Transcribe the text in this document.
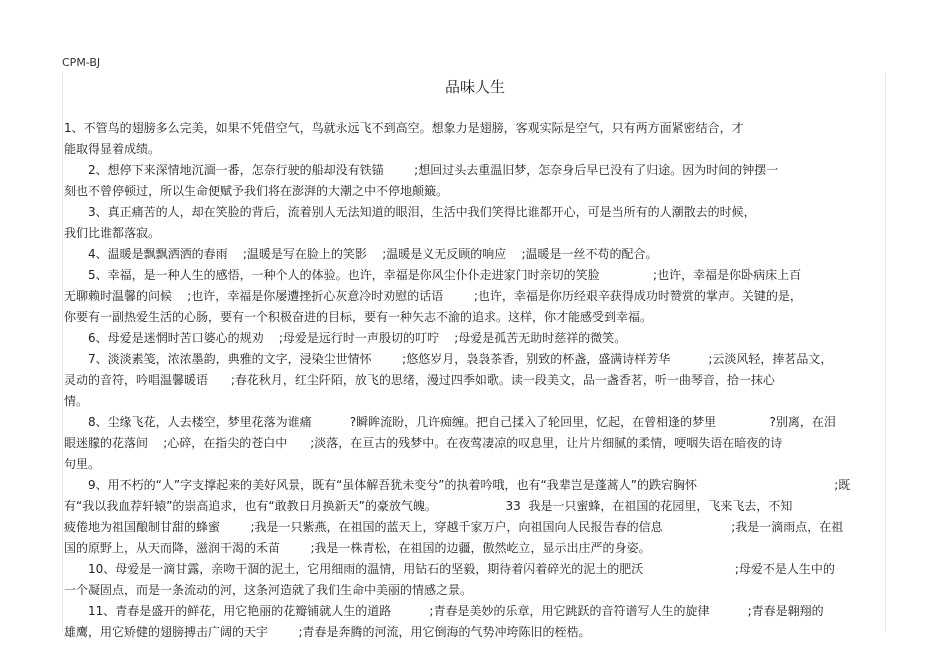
CPM-BJ
品味人生
1、不管鸟的翅膀多么完美，如果不凭借空气，鸟就永远飞不到高空。想象力是翅膀，客观实际是空气，只有两方面紧密结合，才
能取得显着成绩。
2、想停下来深情地沉湎一番，怎奈行驶的船却没有铁锚        ;想回过头去重温旧梦，怎奈身后早已没有了归途。因为时间的钟摆一
刻也不曾停顿过，所以生命便赋予我们将在澎湃的大潮之中不停地颠簸。
3、真正痛苦的人，却在笑脸的背后，流着别人无法知道的眼泪，生活中我们笑得比谁都开心，可是当所有的人潮散去的时候，
我们比谁都落寂。
4、温暖是飘飘洒洒的春雨    ;温暖是写在脸上的笑影    ;温暖是义无反顾的响应    ;温暖是一丝不苟的配合。
5、幸福，是一种人生的感悟，一种个人的体验。也许，幸福是你风尘仆仆走进家门时亲切的笑脸              ;也许，幸福是你卧病床上百
无聊赖时温馨的问候    ;也许，幸福是你屡遭挫折心灰意冷时劝慰的话语        ;也许，幸福是你历经艰辛获得成功时赞赏的掌声。关键的是，
你要有一副热爱生活的心肠，要有一个积极奋进的目标，要有一种矢志不渝的追求。这样，你才能感受到幸福。
6、母爱是迷惘时苦口婆心的规劝    ;母爱是远行时一声殷切的叮咛    ;母爱是孤苦无助时慈祥的微笑。
7、淡淡素笺，浓浓墨韵，典雅的文字，浸染尘世情怀        ;悠悠岁月，袅袅茶香，别致的杯盏，盛满诗样芳华          ;云淡风轻，捧茗品文，
灵动的音符，吟唱温馨暖语      ;春花秋月，红尘阡陌，放飞的思绪，漫过四季如歌。读一段美文，品一盏香茗，听一曲琴音，拾一抹心
情。
8、尘缘飞花，人去楼空，梦里花落为谁痛          ?瞬眸流盼，几许痴缠。把自己揉入了轮回里，忆起，在曾相逢的梦里              ?别离，在泪
眼迷朦的花落间    ;心碎，在指尖的苍白中      ;淡落，在亘古的残梦中。在夜莺凄凉的叹息里，让片片细腻的柔情，哽咽失语在暗夜的诗
句里。
9、用不朽的“人”字支撑起来的美好风景，既有“虽体解吾犹未变兮”的执着吟哦，也有“我辈岂是蓬蒿人”的跌宕胸怀                                    ;既
有“我以我血荐轩辕”的崇高追求，也有“敢教日月换新天”的豪放气魄。                  33  我是一只蜜蜂，在祖国的花园里，飞来飞去，不知
疲倦地为祖国酿制甘甜的蜂蜜        ;我是一只紫燕，在祖国的蓝天上，穿越千家万户，向祖国向人民报告春的信息                  ;我是一滴雨点，在祖
国的原野上，从天而降，滋润干渴的禾苗        ;我是一株青松，在祖国的边疆，傲然屹立，显示出庄严的身姿。
10、母爱是一滴甘露，亲吻干涸的泥土，它用细雨的温情，用钻石的坚毅，期待着闪着碎光的泥土的肥沃                        ;母爱不是人生中的
一个凝固点，而是一条流动的河，这条河造就了我们生命中美丽的情感之景。
11、青春是盛开的鲜花，用它艳丽的花瓣铺就人生的道路          ;青春是美妙的乐章，用它跳跃的音符谱写人生的旋律          ;青春是翱翔的
雄鹰，用它矫健的翅膀搏击广阔的天宇        ;青春是奔腾的河流，用它倒海的气势冲垮陈旧的桎梏。
